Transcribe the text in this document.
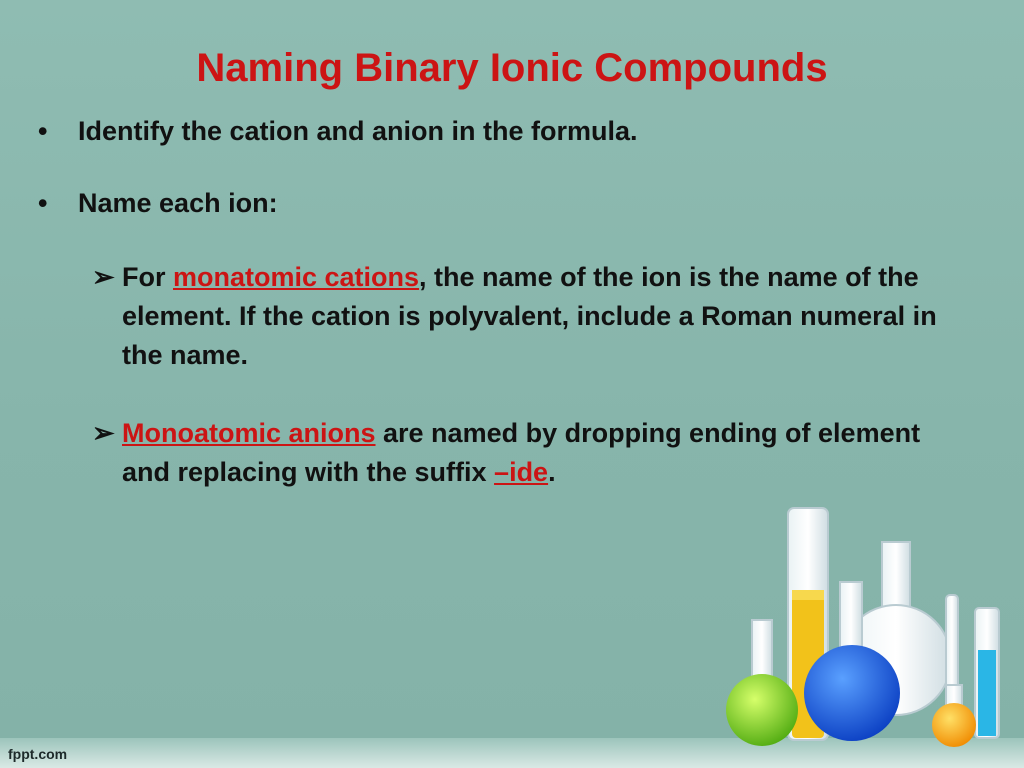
Naming Binary Ionic Compounds
• Identify the cation and anion in the formula.
• Name each ion:
➢ For monatomic cations, the name of the ion is the name of the element. If the cation is polyvalent, include a Roman numeral in the name.
➢ Monoatomic anions are named by dropping ending of element and replacing with the suffix –ide.
fppt.com
